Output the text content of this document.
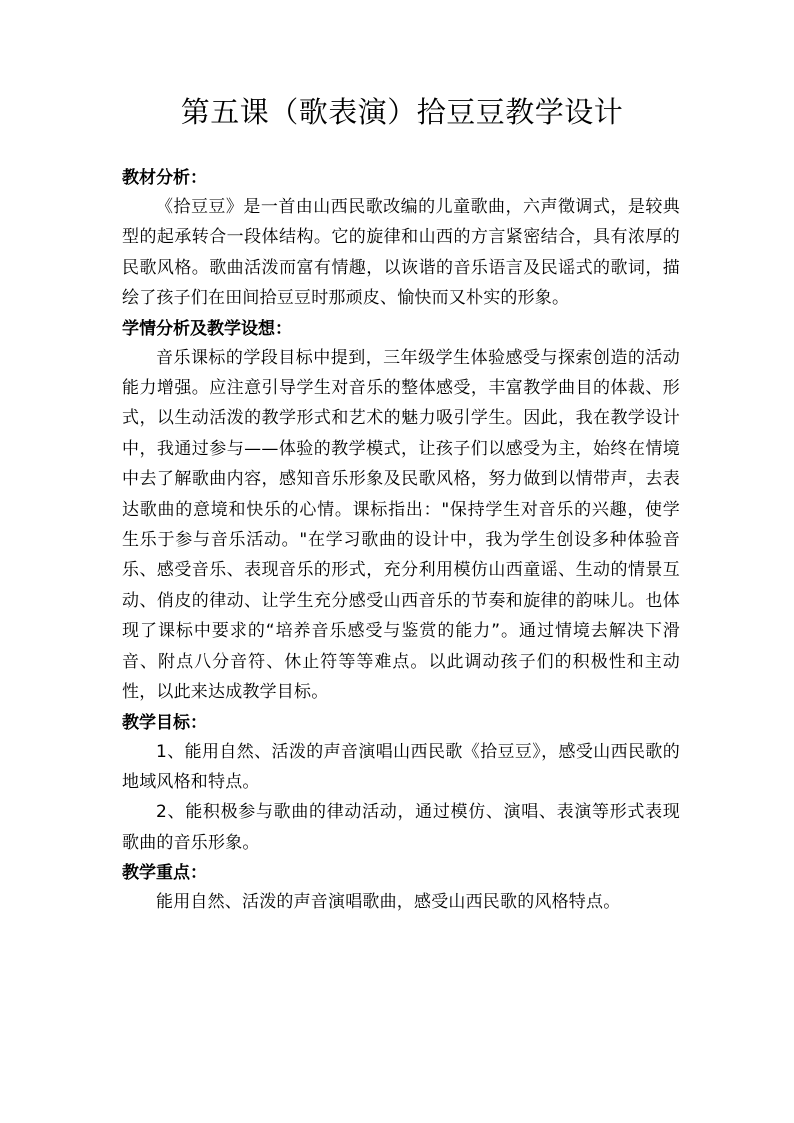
第五课（歌表演）拾豆豆教学设计
教材分析：

《拾豆豆》是一首由山西民歌改编的儿童歌曲，六声徵调式，是较典型的起承转合一段体结构。它的旋律和山西的方言紧密结合，具有浓厚的民歌风格。歌曲活泼而富有情趣，以诙谐的音乐语言及民谣式的歌词，描绘了孩子们在田间拾豆豆时那顽皮、愉快而又朴实的形象。

学情分析及教学设想：

音乐课标的学段目标中提到，三年级学生体验感受与探索创造的活动能力增强。应注意引导学生对音乐的整体感受，丰富教学曲目的体裁、形式，以生动活泼的教学形式和艺术的魅力吸引学生。因此，我在教学设计中，我通过参与——体验的教学模式，让孩子们以感受为主，始终在情境中去了解歌曲内容，感知音乐形象及民歌风格，努力做到以情带声，去表达歌曲的意境和快乐的心情。课标指出："保持学生对音乐的兴趣，使学生乐于参与音乐活动。"在学习歌曲的设计中，我为学生创设多种体验音乐、感受音乐、表现音乐的形式，充分利用模仿山西童谣、生动的情景互动、俏皮的律动、让学生充分感受山西音乐的节奏和旋律的韵味儿。也体现了课标中要求的“培养音乐感受与鉴赏的能力”。通过情境去解决下滑音、附点八分音符、休止符等等难点。以此调动孩子们的积极性和主动性，以此来达成教学目标。

教学目标：

1、能用自然、活泼的声音演唱山西民歌《拾豆豆》，感受山西民歌的地域风格和特点。

2、能积极参与歌曲的律动活动，通过模仿、演唱、表演等形式表现歌曲的音乐形象。

教学重点：

能用自然、活泼的声音演唱歌曲，感受山西民歌的风格特点。
